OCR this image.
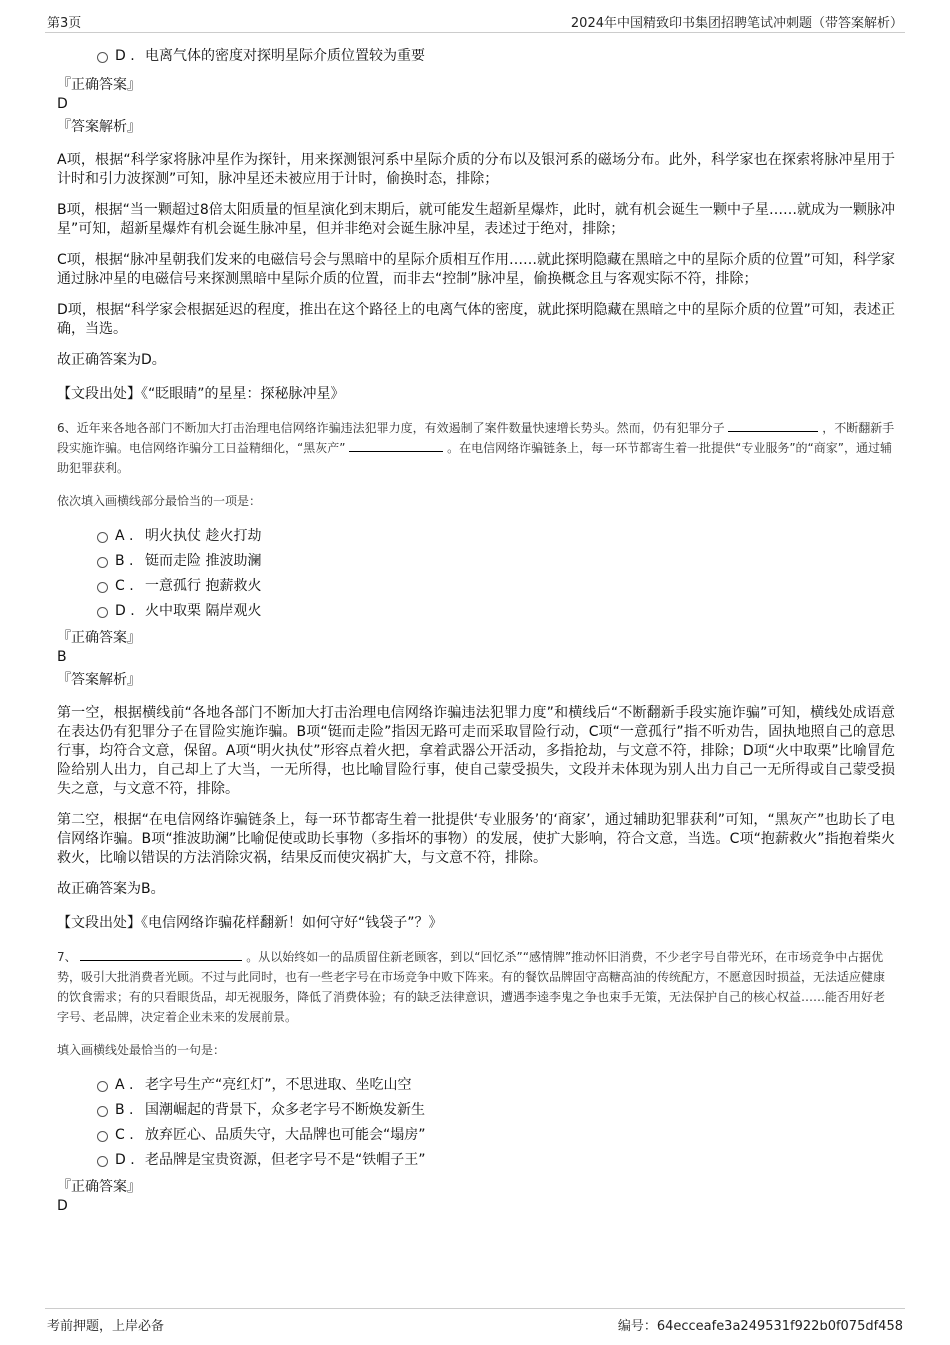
第3页	2024年中国精致印书集团招聘笔试冲刺题（带答案解析）
D . 电离气体的密度对探明星际介质位置较为重要
『正确答案』
D
『答案解析』
A项，根据“科学家将脉冲星作为探针，用来探测银河系中星际介质的分布以及银河系的磁场分布。此外，科学家也在探索将脉冲星用于计时和引力波探测”可知，脉冲星还未被应用于计时，偷换时态，排除；
B项，根据“当一颗超过8倍太阳质量的恒星演化到末期后，就可能发生超新星爆炸，此时，就有机会诞生一颗中子星……就成为一颗脉冲星”可知，超新星爆炸有机会诞生脉冲星，但并非绝对会诞生脉冲星，表述过于绝对，排除；
C项，根据“脉冲星朝我们发来的电磁信号会与黑暗中的星际介质相互作用……就此探明隐藏在黑暗之中的星际介质的位置”可知，科学家通过脉冲星的电磁信号来探测黑暗中星际介质的位置，而非去“控制”脉冲星，偷换概念且与客观实际不符，排除；
D项，根据“科学家会根据延迟的程度，推出在这个路径上的电离气体的密度，就此探明隐藏在黑暗之中的星际介质的位置”可知，表述正确，当选。
故正确答案为D。
【文段出处】《“眨眼睛”的星星：探秘脉冲星》
6、近年来各地各部门不断加大打击治理电信网络诈骗违法犯罪力度，有效遏制了案件数量快速增长势头。然而，仍有犯罪分子	，不断翻新手段实施诈骗。电信网络诈骗分工日益精细化，“黑灰产”	。在电信网络诈骗链条上，每一环节都寄生着一批提供“专业服务”的“商家”，通过辅助犯罪获利。
依次填入画横线部分最恰当的一项是：
A . 明火执仗 趁火打劫
B . 铤而走险 推波助澜
C . 一意孤行 抱薪救火
D . 火中取栗 隔岸观火
『正确答案』
B
『答案解析』
第一空，根据横线前“各地各部门不断加大打击治理电信网络诈骗违法犯罪力度”和横线后“不断翻新手段实施诈骗”可知，横线处成语意在表达仍有犯罪分子在冒险实施诈骗。B项“铤而走险”指因无路可走而采取冒险行动，C项“一意孤行”指不听劝告，固执地照自己的意思行事，均符合文意，保留。A项“明火执仗”形容点着火把，拿着武器公开活动，多指抢劫，与文意不符，排除；D项“火中取栗”比喻冒危险给别人出力，自己却上了大当，一无所得，也比喻冒险行事，使自己蒙受损失，文段并未体现为别人出力自己一无所得或自己蒙受损失之意，与文意不符，排除。
第二空，根据“在电信网络诈骗链条上，每一环节都寄生着一批提供‘专业服务’的‘商家’，通过辅助犯罪获利”可知，“黑灰产”也助长了电信网络诈骗。B项“推波助澜”比喻促使或助长事物（多指坏的事物）的发展，使扩大影响，符合文意，当选。C项“抱薪救火”指抱着柴火救火，比喻以错误的方法消除灾祸，结果反而使灾祸扩大，与文意不符，排除。
故正确答案为B。
【文段出处】《电信网络诈骗花样翻新！如何守好“钱袋子”？》
7、	。从以始终如一的品质留住新老顾客，到以“回忆杀”“感情牌”推动怀旧消费，不少老字号自带光环，在市场竞争中占据优势，吸引大批消费者光顾。不过与此同时，也有一些老字号在市场竞争中败下阵来。有的餐饮品牌固守高糖高油的传统配方，不愿意因时损益，无法适应健康的饮食需求；有的只看眼货品，却无视服务，降低了消费体验；有的缺乏法律意识，遭遇李逵李鬼之争也束手无策，无法保护自己的核心权益……能否用好老字号、老品牌，决定着企业未来的发展前景。
填入画横线处最恰当的一句是：
A . 老字号生产“亮红灯”，不思进取、坐吃山空
B . 国潮崛起的背景下，众多老字号不断焕发新生
C . 放弃匠心、品质失守，大品牌也可能会“塌房”
D . 老品牌是宝贵资源，但老字号不是“铁帽子王”
『正确答案』
D
考前押题，上岸必备	编号：64ecceafe3a249531f922b0f075df458
